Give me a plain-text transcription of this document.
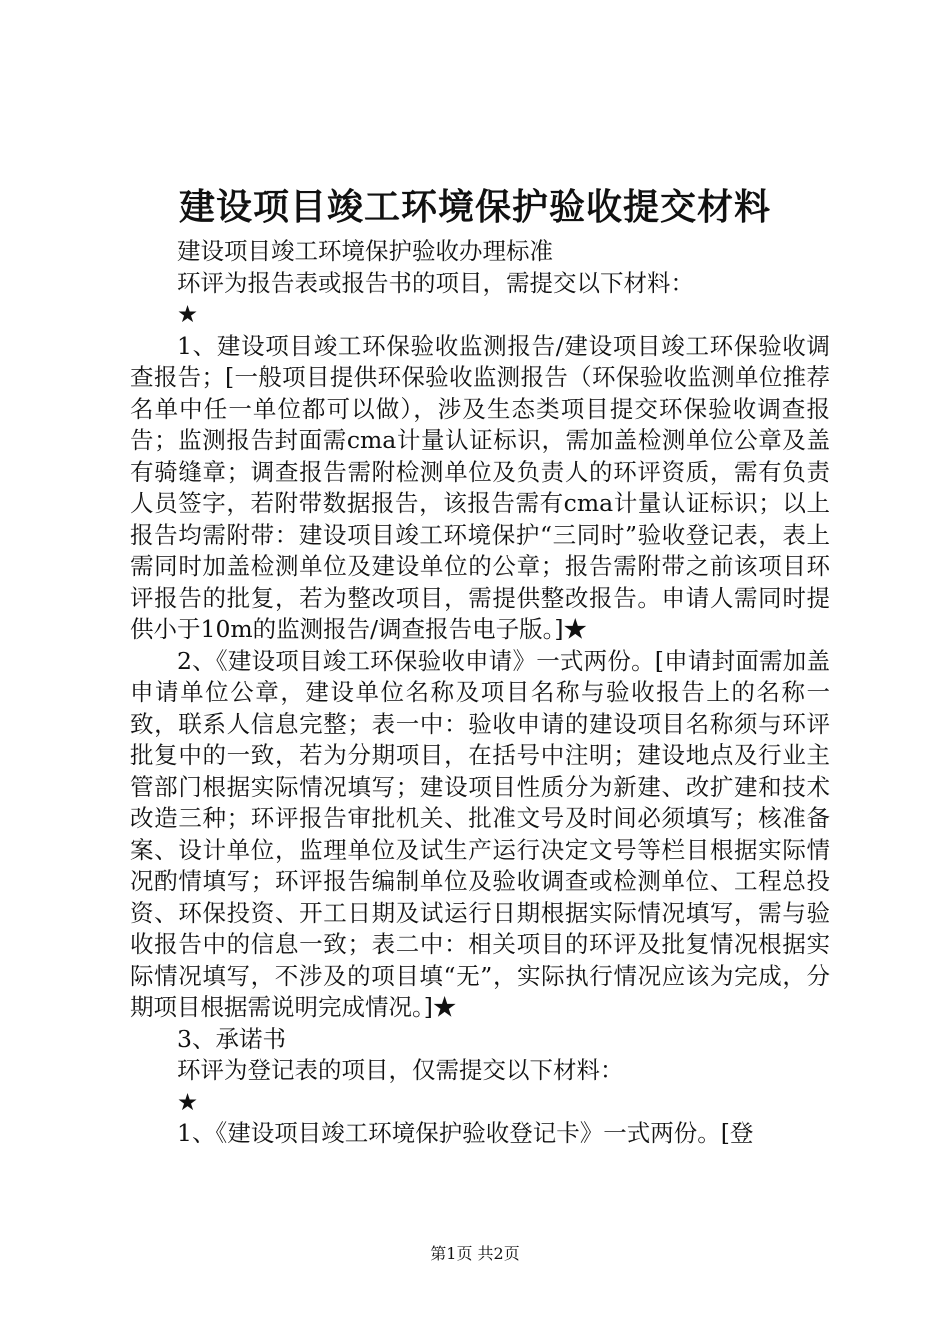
建设项目竣工环境保护验收提交材料

建设项目竣工环境保护验收办理标准

环评为报告表或报告书的项目，需提交以下材料：

★

1、建设项目竣工环保验收监测报告/建设项目竣工环保验收调查报告；[一般项目提供环保验收监测报告（环保验收监测单位推荐名单中任一单位都可以做），涉及生态类项目提交环保验收调查报告；监测报告封面需cma计量认证标识，需加盖检测单位公章及盖有骑缝章；调查报告需附检测单位及负责人的环评资质，需有负责人员签字，若附带数据报告，该报告需有cma计量认证标识；以上报告均需附带：建设项目竣工环境保护“三同时”验收登记表，表上需同时加盖检测单位及建设单位的公章；报告需附带之前该项目环评报告的批复，若为整改项目，需提供整改报告。申请人需同时提供小于10m的监测报告/调查报告电子版。]★

2、《建设项目竣工环保验收申请》一式两份。[申请封面需加盖申请单位公章，建设单位名称及项目名称与验收报告上的名称一致，联系人信息完整；表一中：验收申请的建设项目名称须与环评批复中的一致，若为分期项目，在括号中注明；建设地点及行业主管部门根据实际情况填写；建设项目性质分为新建、改扩建和技术改造三种；环评报告审批机关、批准文号及时间必须填写；核准备案、设计单位，监理单位及试生产运行决定文号等栏目根据实际情况酌情填写；环评报告编制单位及验收调查或检测单位、工程总投资、环保投资、开工日期及试运行日期根据实际情况填写，需与验收报告中的信息一致；表二中：相关项目的环评及批复情况根据实际情况填写，不涉及的项目填“无”，实际执行情况应该为完成，分期项目根据需说明完成情况。]★

3、承诺书

环评为登记表的项目，仅需提交以下材料：

★

1、《建设项目竣工环境保护验收登记卡》一式两份。[登

第1页 共2页
